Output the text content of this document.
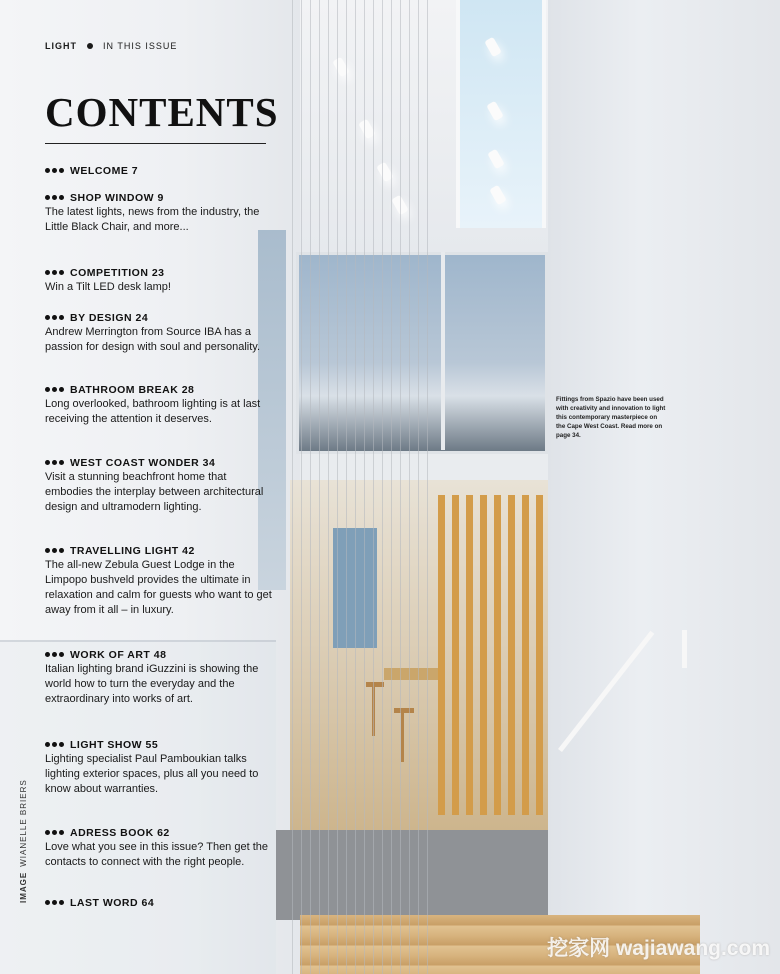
LIGHT	IN THIS ISSUE
CONTENTS
WELCOME 7
SHOP WINDOW 9

The latest lights, news from the industry, the Little Black Chair, and more...

COMPETITION 23

Win a Tilt LED desk lamp!

BY DESIGN 24

Andrew Merrington from Source IBA has a passion for design with soul and personality.

BATHROOM BREAK 28

Long overlooked, bathroom lighting is at last receiving the attention it deserves.

WEST COAST WONDER 34

Visit a stunning beachfront home that embodies the interplay between architectural design and ultramodern lighting.

TRAVELLING LIGHT 42

The all-new Zebula Guest Lodge in the Limpopo bushveld provides the ultimate in relaxation and calm for guests who want to get away from it all – in luxury.

WORK OF ART 48

Italian lighting brand iGuzzini is showing the world how to turn the everyday and the extraordinary into works of art.

LIGHT SHOW 55

Lighting specialist Paul Pamboukian talks lighting exterior spaces, plus all you need to know about warranties.

ADRESS BOOK 62

Love what you see in this issue? Then get the contacts to connect with the right people.

LAST WORD 64
IMAGEWIANELLE BRIERS
Fittings from Spazio have been used with creativity and innovation to light this contemporary masterpiece on the Cape West Coast. Read more on page 34.
挖家网 wajiawang.com
